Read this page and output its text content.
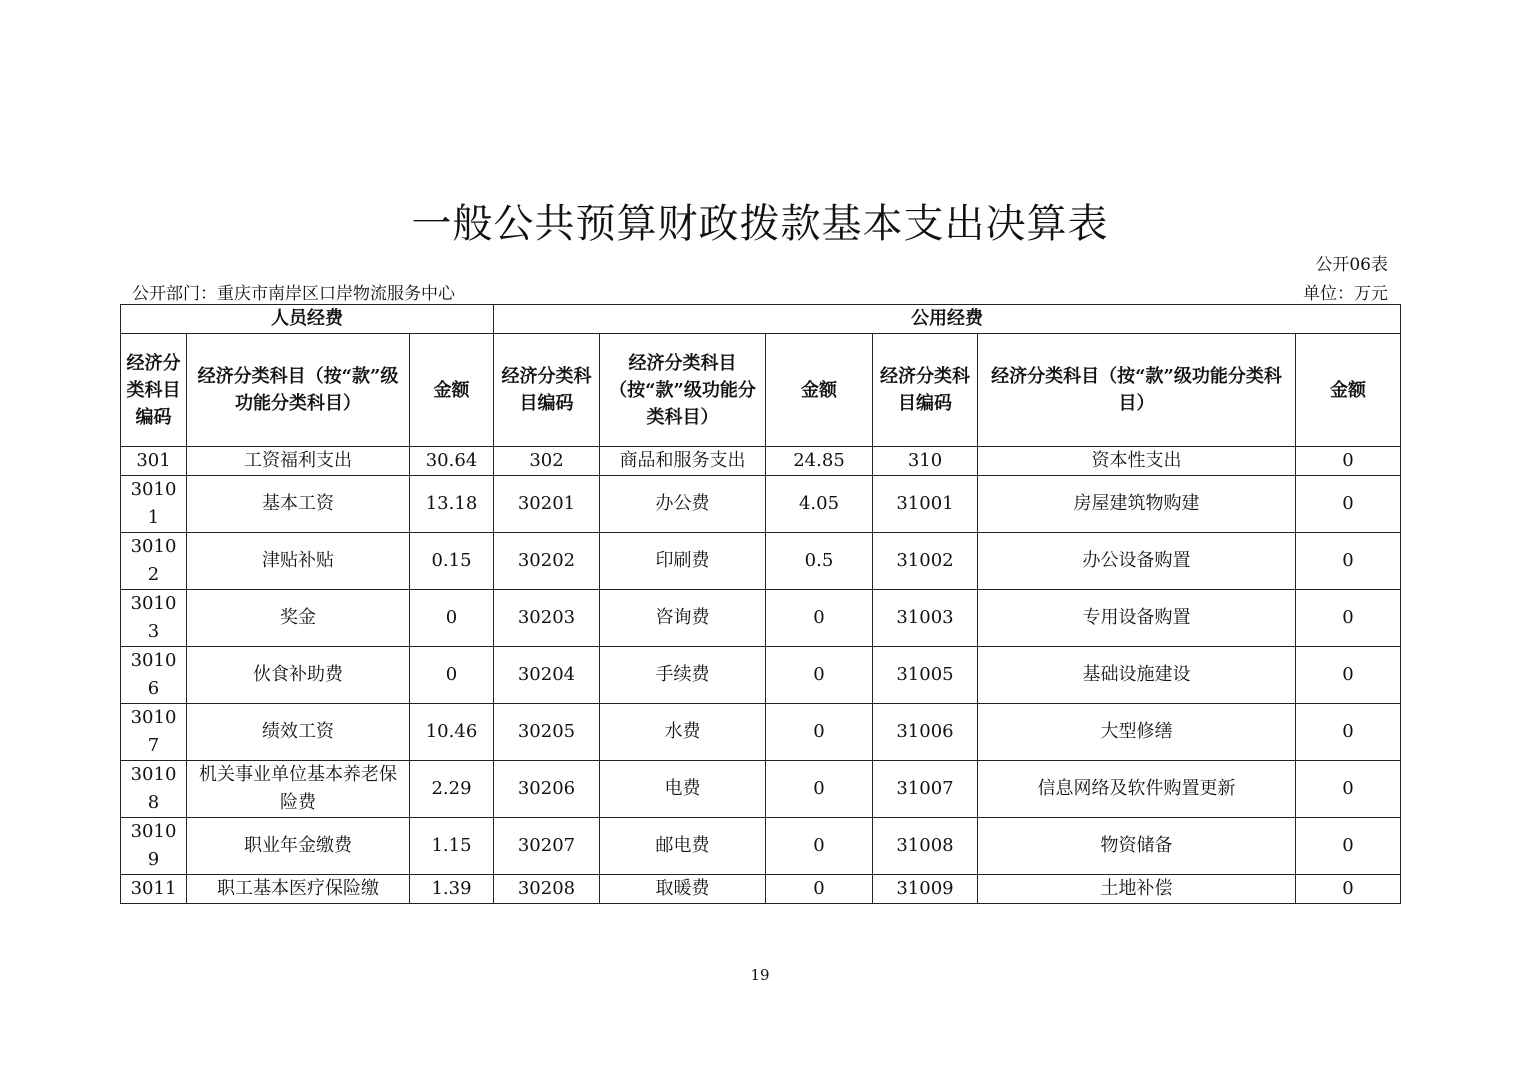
一般公共预算财政拨款基本支出决算表
公开06表
公开部门：重庆市南岸区口岸物流服务中心	单位：万元
人员经费			公用经费					
经济分类科目编码	经济分类科目（按“款”级功能分类科目）	金额	经济分类科目编码	经济分类科目（按“款”级功能分类科目）	金额	经济分类科目编码	经济分类科目（按“款”级功能分类科目）	金额
301	工资福利支出	30.64	302	商品和服务支出	24.85	310	资本性支出	0
30101	基本工资	13.18	30201	办公费	4.05	31001	房屋建筑物购建	0
30102	津贴补贴	0.15	30202	印刷费	0.5	31002	办公设备购置	0
30103	奖金	0	30203	咨询费	0	31003	专用设备购置	0
30106	伙食补助费	0	30204	手续费	0	31005	基础设施建设	0
30107	绩效工资	10.46	30205	水费	0	31006	大型修缮	0
30108	机关事业单位基本养老保险费	2.29	30206	电费	0	31007	信息网络及软件购置更新	0
30109	职业年金缴费	1.15	30207	邮电费	0	31008	物资储备	0
3011	职工基本医疗保险缴	1.39	30208	取暖费	0	31009	土地补偿	0
19
